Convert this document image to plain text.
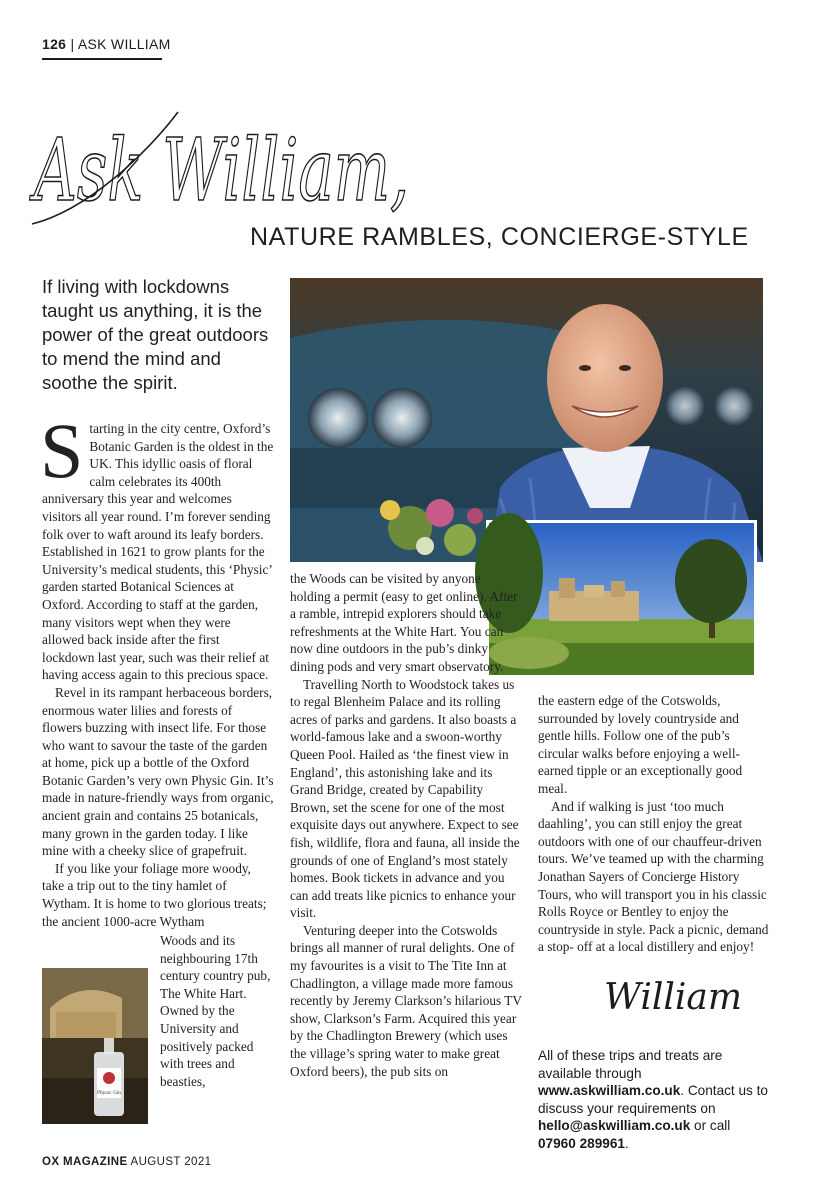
126 | ASK WILLIAM
Ask William,
NATURE RAMBLES, CONCIERGE-STYLE
If living with lockdowns taught us anything, it is the power of the great outdoors to mend the mind and soothe the spirit.

Starting in the city centre, Oxford’s Botanic Garden is the oldest in the UK. This idyllic oasis of floral calm celebrates its 400th anniversary this year and welcomes visitors all year round. I’m forever sending folk over to waft around its leafy borders. Established in 1621 to grow plants for the University’s medical students, this ‘Physic’ garden started Botanical Sciences at Oxford. According to staff at the garden, many visitors wept when they were allowed back inside after the first lockdown last year, such was their relief at having access again to this precious space.

Revel in its rampant herbaceous borders, enormous water lilies and forests of flowers buzzing with insect life. For those who want to savour the taste of the garden at home, pick up a bottle of the Oxford Botanic Garden’s very own Physic Gin. It’s made in nature-friendly ways from organic, ancient grain and contains 25 botanicals, many grown in the garden today. I like mine with a cheeky slice of grapefruit.

If you like your foliage more woody, take a trip out to the tiny hamlet of Wytham. It is home to two glorious treats; the ancient 1000-acre Wytham

Physic Gin
Woods and its neighbouring 17th century country pub, The White Hart. Owned by the University and positively packed with trees and beasties,

the Woods can be visited by anyone holding a permit (easy to get online). After a ramble, intrepid explorers should take refreshments at the White Hart. You can now dine outdoors in the pub’s dinky dining pods and very smart observatory.

Travelling North to Woodstock takes us to regal Blenheim Palace and its rolling acres of parks and gardens. It also boasts a world-famous lake and a swoon-worthy Queen Pool. Hailed as ‘the finest view in England’, this astonishing lake and its Grand Bridge, created by Capability Brown, set the scene for one of the most exquisite days out anywhere. Expect to see fish, wildlife, flora and fauna, all inside the grounds of one of England’s most stately homes. Book tickets in advance and you can add treats like picnics to enhance your visit.

Venturing deeper into the Cotswolds brings all manner of rural delights. One of my favourites is a visit to The Tite Inn at Chadlington, a village made more famous recently by Jeremy Clarkson’s hilarious TV show, Clarkson’s Farm. Acquired this year by the Chadlington Brewery (which uses the village’s spring water to make great Oxford beers), the pub sits on

the eastern edge of the Cotswolds, surrounded by lovely countryside and gentle hills. Follow one of the pub’s circular walks before enjoying a well-earned tipple or an exceptionally good meal.

And if walking is just ‘too much daahling’, you can still enjoy the great outdoors with one of our chauffeur-driven tours. We’ve teamed up with the charming Jonathan Sayers of Concierge History Tours, who will transport you in his classic Rolls Royce or Bentley to enjoy the countryside in style. Pack a picnic, demand a stop- off at a local distillery and enjoy!

William
All of these trips and treats are available through www.askwilliam.co.uk. Contact us to discuss your requirements on hello@askwilliam.co.uk or call 07960 289961.
OX MAGAZINE AUGUST 2021
